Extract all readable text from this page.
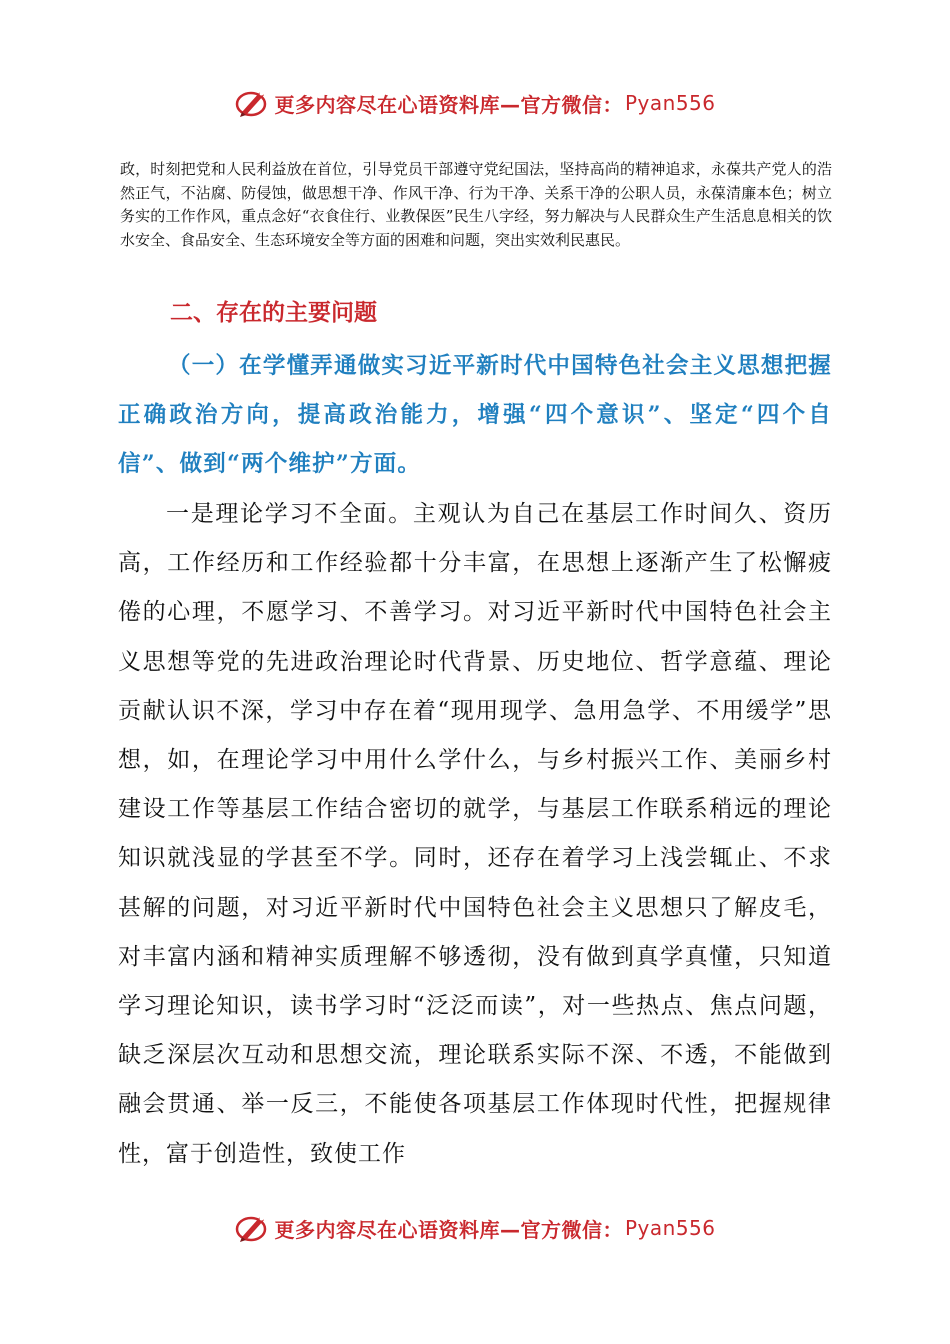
更多内容尽在心语资料库—官方微信： Pyan556

政，时刻把党和人民利益放在首位，引导党员干部遵守党纪国法，坚持高尚的精神追求，永葆共产党人的浩然正气，不沾腐、防侵蚀，做思想干净、作风干净、行为干净、关系干净的公职人员，永葆清廉本色；树立务实的工作作风，重点念好“衣食住行、业教保医”民生八字经，努力解决与人民群众生产生活息息相关的饮水安全、食品安全、生态环境安全等方面的困难和问题，突出实效利民惠民。

二、存在的主要问题

（一）在学懂弄通做实习近平新时代中国特色社会主义思想把握正确政治方向，提高政治能力，增强“四个意识”、坚定“四个自信”、做到“两个维护”方面。

一是理论学习不全面。主观认为自己在基层工作时间久、资历高，工作经历和工作经验都十分丰富，在思想上逐渐产生了松懈疲倦的心理，不愿学习、不善学习。对习近平新时代中国特色社会主义思想等党的先进政治理论时代背景、历史地位、哲学意蕴、理论贡献认识不深，学习中存在着“现用现学、急用急学、不用缓学”思想，如，在理论学习中用什么学什么，与乡村振兴工作、美丽乡村建设工作等基层工作结合密切的就学，与基层工作联系稍远的理论知识就浅显的学甚至不学。同时，还存在着学习上浅尝辄止、不求甚解的问题，对习近平新时代中国特色社会主义思想只了解皮毛，对丰富内涵和精神实质理解不够透彻，没有做到真学真懂，只知道学习理论知识，读书学习时“泛泛而读”，对一些热点、焦点问题，缺乏深层次互动和思想交流，理论联系实际不深、不透，不能做到融会贯通、举一反三，不能使各项基层工作体现时代性，把握规律性，富于创造性，致使工作

更多内容尽在心语资料库—官方微信： Pyan556
